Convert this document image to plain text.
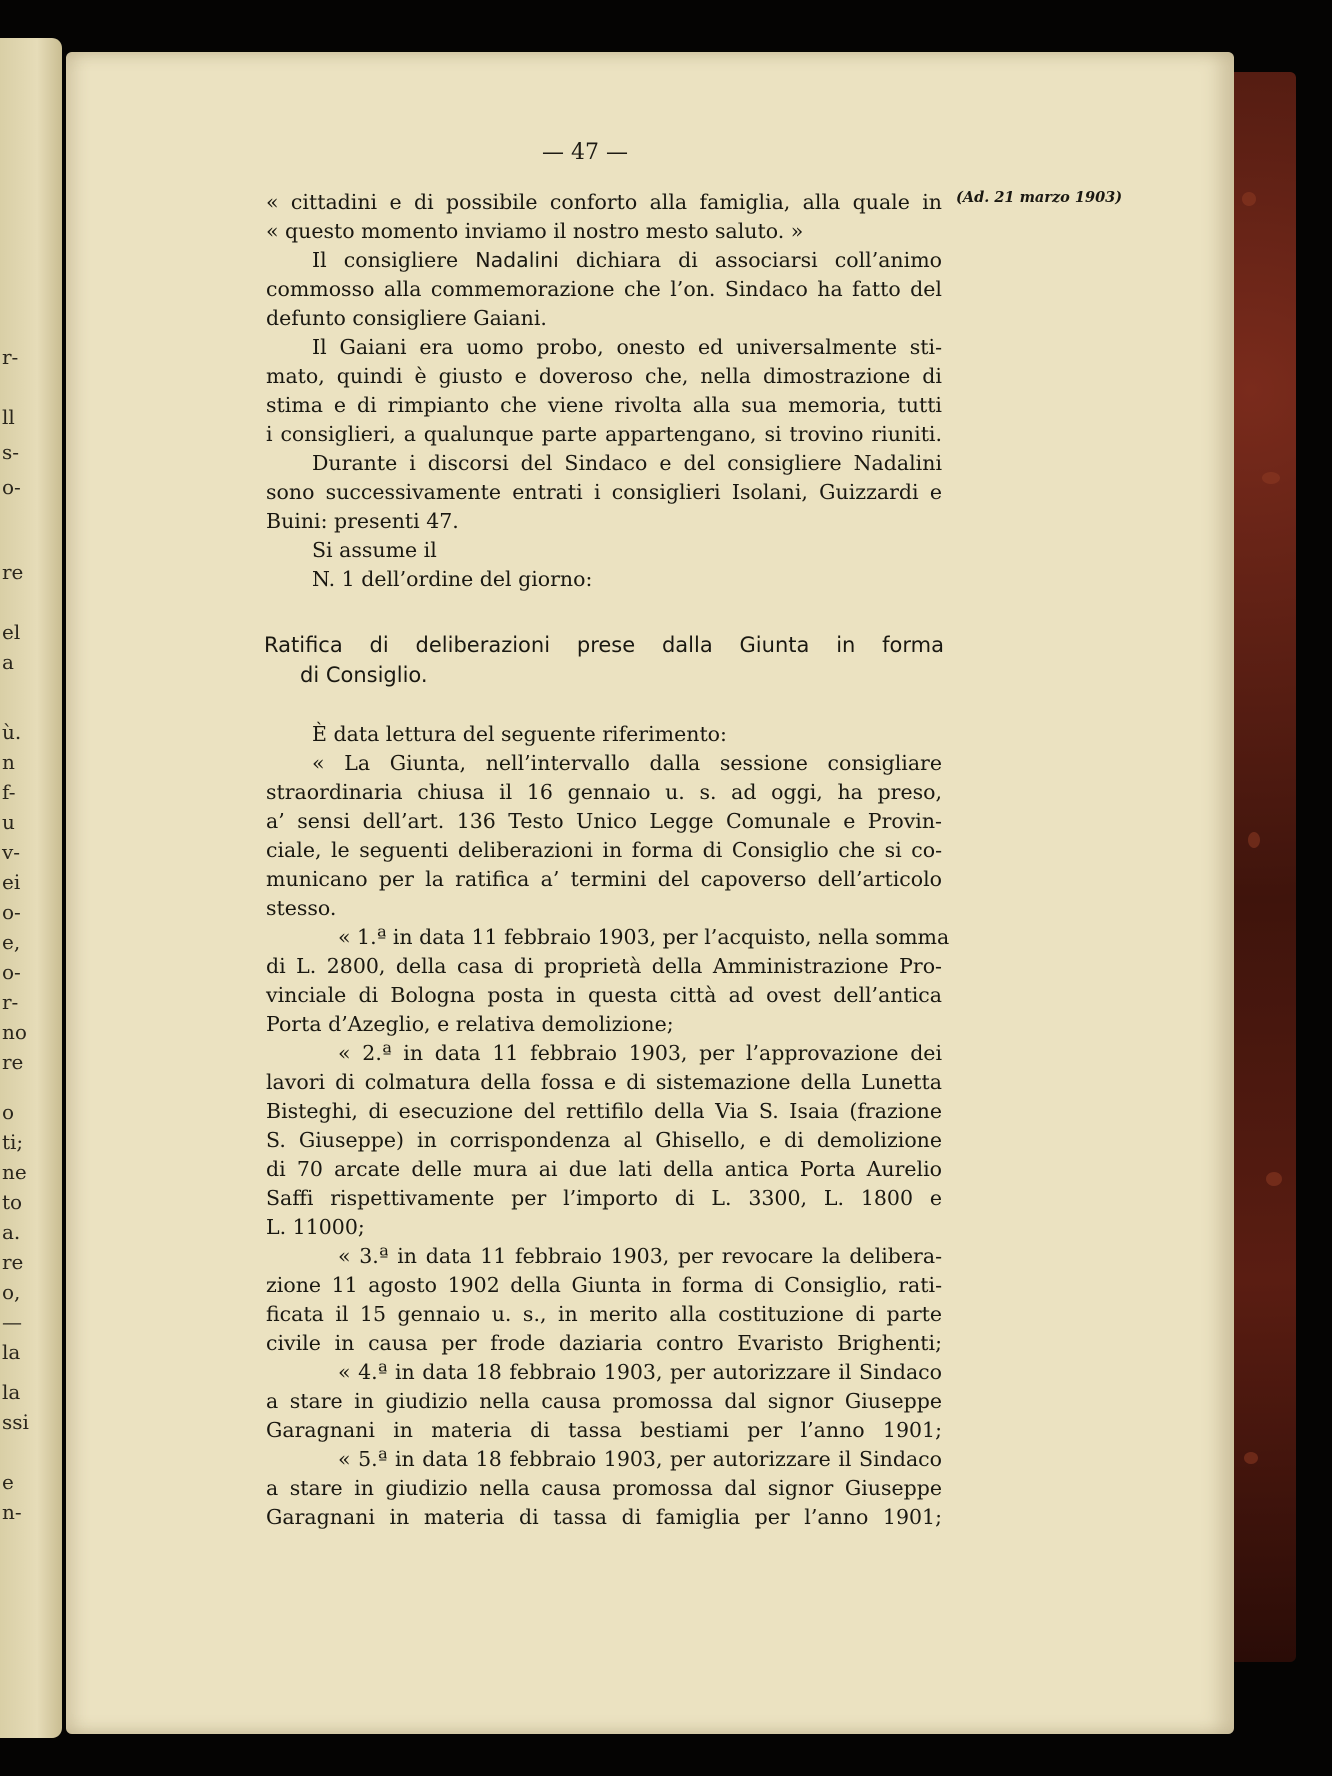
r-
ll
s-
o-
re
el
a
ù.
n
f-
u
v-
ei
o-
e,
o-
r-
no
re
o
ti;
ne
to
a.
re
o,
—
la
la
ssi
e
n-
— 47 —
(Ad. 21 marzo 1903)
« cittadini e di possibile conforto alla famiglia, alla quale in
« questo momento inviamo il nostro mesto saluto. »
Il consigliere Nadalini dichiara di associarsi coll’animo
commosso alla commemorazione che l’on. Sindaco ha fatto del
defunto consigliere Gaiani.
Il Gaiani era uomo probo, onesto ed universalmente sti-
mato, quindi è giusto e doveroso che, nella dimostrazione di
stima e di rimpianto che viene rivolta alla sua memoria, tutti
i consiglieri, a qualunque parte appartengano, si trovino riuniti.
Durante i discorsi del Sindaco e del consigliere Nadalini
sono successivamente entrati i consiglieri Isolani, Guizzardi e
Buini: presenti 47.
Si assume il
N. 1 dell’ordine del giorno:
Ratifica di deliberazioni prese dalla Giunta in forma
di Consiglio.
È data lettura del seguente riferimento:
« La Giunta, nell’intervallo dalla sessione consigliare
straordinaria chiusa il 16 gennaio u. s. ad oggi, ha preso,
a’ sensi dell’art. 136 Testo Unico Legge Comunale e Provin-
ciale, le seguenti deliberazioni in forma di Consiglio che si co-
municano per la ratifica a’ termini del capoverso dell’articolo
stesso.
« 1.ª in data 11 febbraio 1903, per l’acquisto, nella somma
di L. 2800, della casa di proprietà della Amministrazione Pro-
vinciale di Bologna posta in questa città ad ovest dell’antica
Porta d’Azeglio, e relativa demolizione;
« 2.ª in data 11 febbraio 1903, per l’approvazione dei
lavori di colmatura della fossa e di sistemazione della Lunetta
Bisteghi, di esecuzione del rettifilo della Via S. Isaia (frazione
S. Giuseppe) in corrispondenza al Ghisello, e di demolizione
di 70 arcate delle mura ai due lati della antica Porta Aurelio
Saffi rispettivamente per l’importo di L. 3300, L. 1800 e
L. 11000;
« 3.ª in data 11 febbraio 1903, per revocare la delibera-
zione 11 agosto 1902 della Giunta in forma di Consiglio, rati-
ficata il 15 gennaio u. s., in merito alla costituzione di parte
civile in causa per frode daziaria contro Evaristo Brighenti;
« 4.ª in data 18 febbraio 1903, per autorizzare il Sindaco
a stare in giudizio nella causa promossa dal signor Giuseppe
Garagnani in materia di tassa bestiami per l’anno 1901;
« 5.ª in data 18 febbraio 1903, per autorizzare il Sindaco
a stare in giudizio nella causa promossa dal signor Giuseppe
Garagnani in materia di tassa di famiglia per l’anno 1901;
